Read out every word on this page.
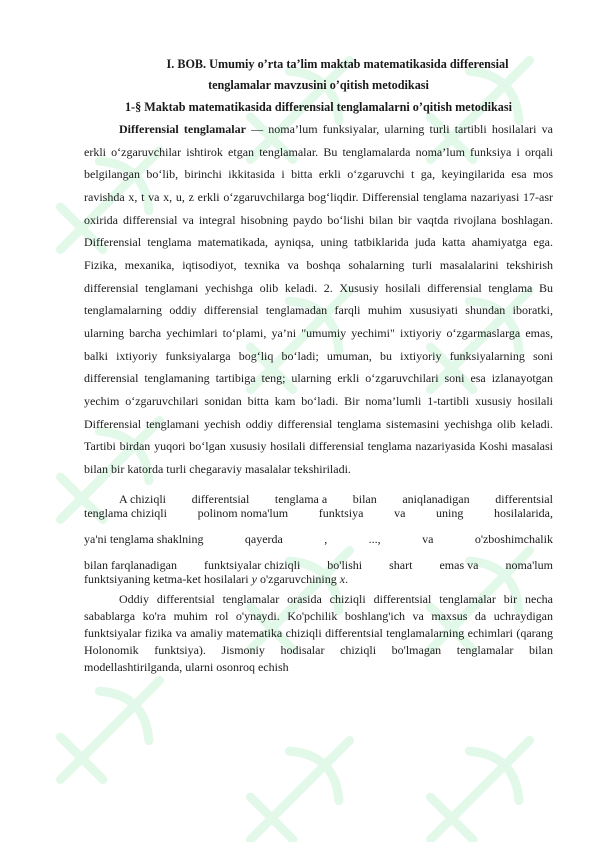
I. BOB. Umumiy o’rta ta’lim maktab matematikasida differensial
tenglamalar mavzusini o’qitish metodikasi
1-§ Maktab matematikasida differensial tenglamalarni o’qitish metodikasi

Differensial tenglamalar — noma’lum funksiyalar, ularning turli tartibli hosilalari va erkli o‘zgaruvchilar ishtirok etgan tenglamalar. Bu tenglamalarda noma’lum funksiya i orqali belgilangan bo‘lib, birinchi ikkitasida i bitta erkli o‘zgaruvchi t ga, keyingilarida esa mos ravishda x, t va x, u, z erkli o‘zgaruvchilarga bog‘liqdir. Differensial tenglama nazariyasi 17-asr oxirida differensial va integral hisobning paydo bo‘lishi bilan bir vaqtda rivojlana boshlagan. Differensial tenglama matematikada, ayniqsa, uning tatbiklarida juda katta ahamiyatga ega. Fizika, mexanika, iqtisodiyot, texnika va boshqa sohalarning turli masalalarini tekshirish differensial tenglamani yechishga olib keladi. 2. Xususiy hosilali differensial tenglama Bu tenglamalarning oddiy differensial tenglamadan farqli muhim xususiyati shundan iboratki, ularning barcha yechimlari to‘plami, ya’ni "umumiy yechimi" ixtiyoriy o‘zgarmaslarga emas, balki ixtiyoriy funksiyalarga bog‘liq bo‘ladi; umuman, bu ixtiyoriy funksiyalarning soni differensial tenglamaning tartibiga teng; ularning erkli o‘zgaruvchilari soni esa izlanayotgan yechim o‘zgaruvchilari sonidan bitta kam bo‘ladi. Bir noma’lumli 1-tartibli xususiy hosilali Differensial tenglamani yechish oddiy differensial tenglama sistemasini yechishga olib keladi. Tartibi birdan yuqori bo‘lgan xususiy hosilali differensial tenglama nazariyasida Koshi masalasi bilan bir katorda turli chegaraviy masalalar tekshiriladi.

A chiziqli differentsial tenglama a bilan aniqlanadigan differentsial
tenglama chiziqli	polinom noma'lum	funktsiya	va	uning	hosilalarida,
ya'ni tenglama shaklning	qayerda	,	...,	va	o'zboshimchalik
bilan farqlanadigan funktsiyalar chiziqli bo'lishi shart emas va noma'lum
funktsiyaning ketma-ket hosilalari y o'zgaruvchining x.

Oddiy differentsial tenglamalar orasida chiziqli differentsial tenglamalar bir necha sabablarga ko'ra muhim rol o'ynaydi. Ko'pchilik boshlang'ich va maxsus da uchraydigan funktsiyalar fizika va amaliy matematika chiziqli differentsial tenglamalarning echimlari (qarang Holonomik funktsiya). Jismoniy hodisalar chiziqli bo'lmagan tenglamalar bilan modellashtirilganda, ularni osonroq echish
